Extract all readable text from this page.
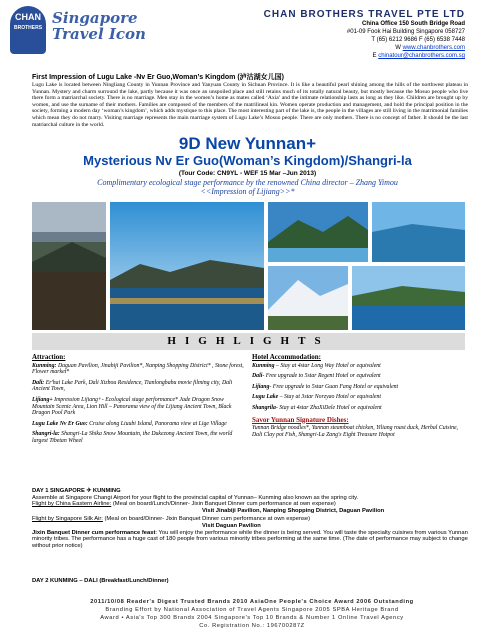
CHAN
BROTHERS
Singapore
Travel Icon
CHAN BROTHERS TRAVEL PTE LTD
China Office 150 South Bridge Road
#01-09 Fook Hai Building Singapore 058727
T (65) 6212 9686 F (65) 6538 7448
W www.chanbrothers.com
E chinatour@chanbrothers.com.sg
First Impression of Lugu Lake -Nv Er Guo,Woman’s Kingdom (泸沽湖女儿国)
Lugu Lake is located between Ningliang County in Yunnan Province and Yanyuan County in Sichuan Province. It is like a beautiful pearl shining among the hills of the northwest plateau in Yunnan. Mystery and charm surround the lake, partly because it was once an unspoiled place and still retains much of its totally natural beauty, but mostly because the Mosuo people who live there form a matriarchal society. There is no marriage. Men stay in the women’s home as mates called ‘Axia’ and the intimate relationship lasts as long as they like. Children are brought up by women, and use the surname of their mothers. Families are composed of the members of the matrilineal kin. Women operate production and management, and hold the principal position in the society, forming a modern day ‘woman’s kingdom’, which adds mystique to this place. The most interesting part of the lake is, the people in the villages are still living in the matrimonial families which mean they do not marry. Visiting marriage represents the main marriage system of Lugu Lake’s Mosuo people. There are only mothers. There is no concept of father. It should be the last matriarchal culture in the world.
9D New Yunnan+
Mysterious Nv Er Guo(Woman’s Kingdom)/Shangri-la
(Tour Code: CN9YL - WEF 15 Mar –Jun 2013)
Complimentary ecological stage performance by the renowned China director – Zhang Yimou
<<Impression of Lijiang>>*
HIGHLIGHTS
Attraction:

Kunming: Daguan Pavilion, Jinabiji Pavilion*, Nanping Shopping District* , Stone forest, Flower market*

Dali: Er'hai Lake Park, Dali Xizhou Residence, Tianlongbabu movie filming city, Dali Ancient Town,

Lijiang+ Impression Lijiang+- Ecological stage performance* Jade Dragon Snow Mountain Scenic Area, Lion Hill – Panorama view of the Lijiang Ancient Town, Black Dragon Pool Park

Lugu Lake Nv Er Guo: Cruise along Liuubi Island, Panorama view at Lige Village

Shangri-la: Shangri-La Shika Snow Mountain, the Dukezong Ancient Town, the world largest Tibetan Wheel

Hotel Accommodation:

Kunming – Stay at 4star Long Way Hotel or equivalent

Dali- Free upgrade to 5star Regent Hotel or equivalent

Lijiang- Free upgrade to 5star Guan Fang Hotel or equivalent

Lugu Lake – Stay at 3star Norzyao Hotel or equivalent

Shangrila- Stay at 4star ZhaXiDele Hotel or equivalent

Savor Yunnan Signature Dishes:

Yunnan Bridge noodles*, Yunnan steamboat chicken, Yiliang roast duck, Herbal Cuisine, Dali Clay pot Fish, Shangri-La Zang's Eight Treasure Hotpot

DAY 1 SINGAPORE ✈ KUNMING
Assemble at Singapore Changi Airport for your flight to the provincial capital of Yunnan– Kunming also known as the spring city.
Flight by China Eastern Airline: (Meal on board/Lunch/Dinner- Jixin Banquet Dinner cum performance at own expense)
Visit Jinabiji Pavilion, Nanping Shopping District, Daguan Pavilion
Flight by Singapore Silk Air: (Meal on board/Dinner- Jixin Banquet Dinner cum performance at own expense)
Visit Daguan Pavilion
Jixin Banquet Dinner cum performance feast: You will enjoy the performance while the dinner is being served. You will taste the specialty cuisines from various Yunnan minority tribes. The performance has a huge cast of 180 people from various minority tribes performing at the same time. (The date of performance may subject to change without prior notice)
DAY 2 KUNMING – DALI (Breakfast/Lunch/Dinner)
2011/10/08 Reader's Digest Trusted Brands 2010 AsiaOne People's Choice Award 2006 Outstanding
Branding Effort by National Association of Travel Agents Singapore 2005 SPBA Heritage Brand
Award • Asia's Top 300 Brands 2004 Singapore's Top 10 Brands & Number 1 Online Travel Agency
Co. Registration No.: 196700287Z
